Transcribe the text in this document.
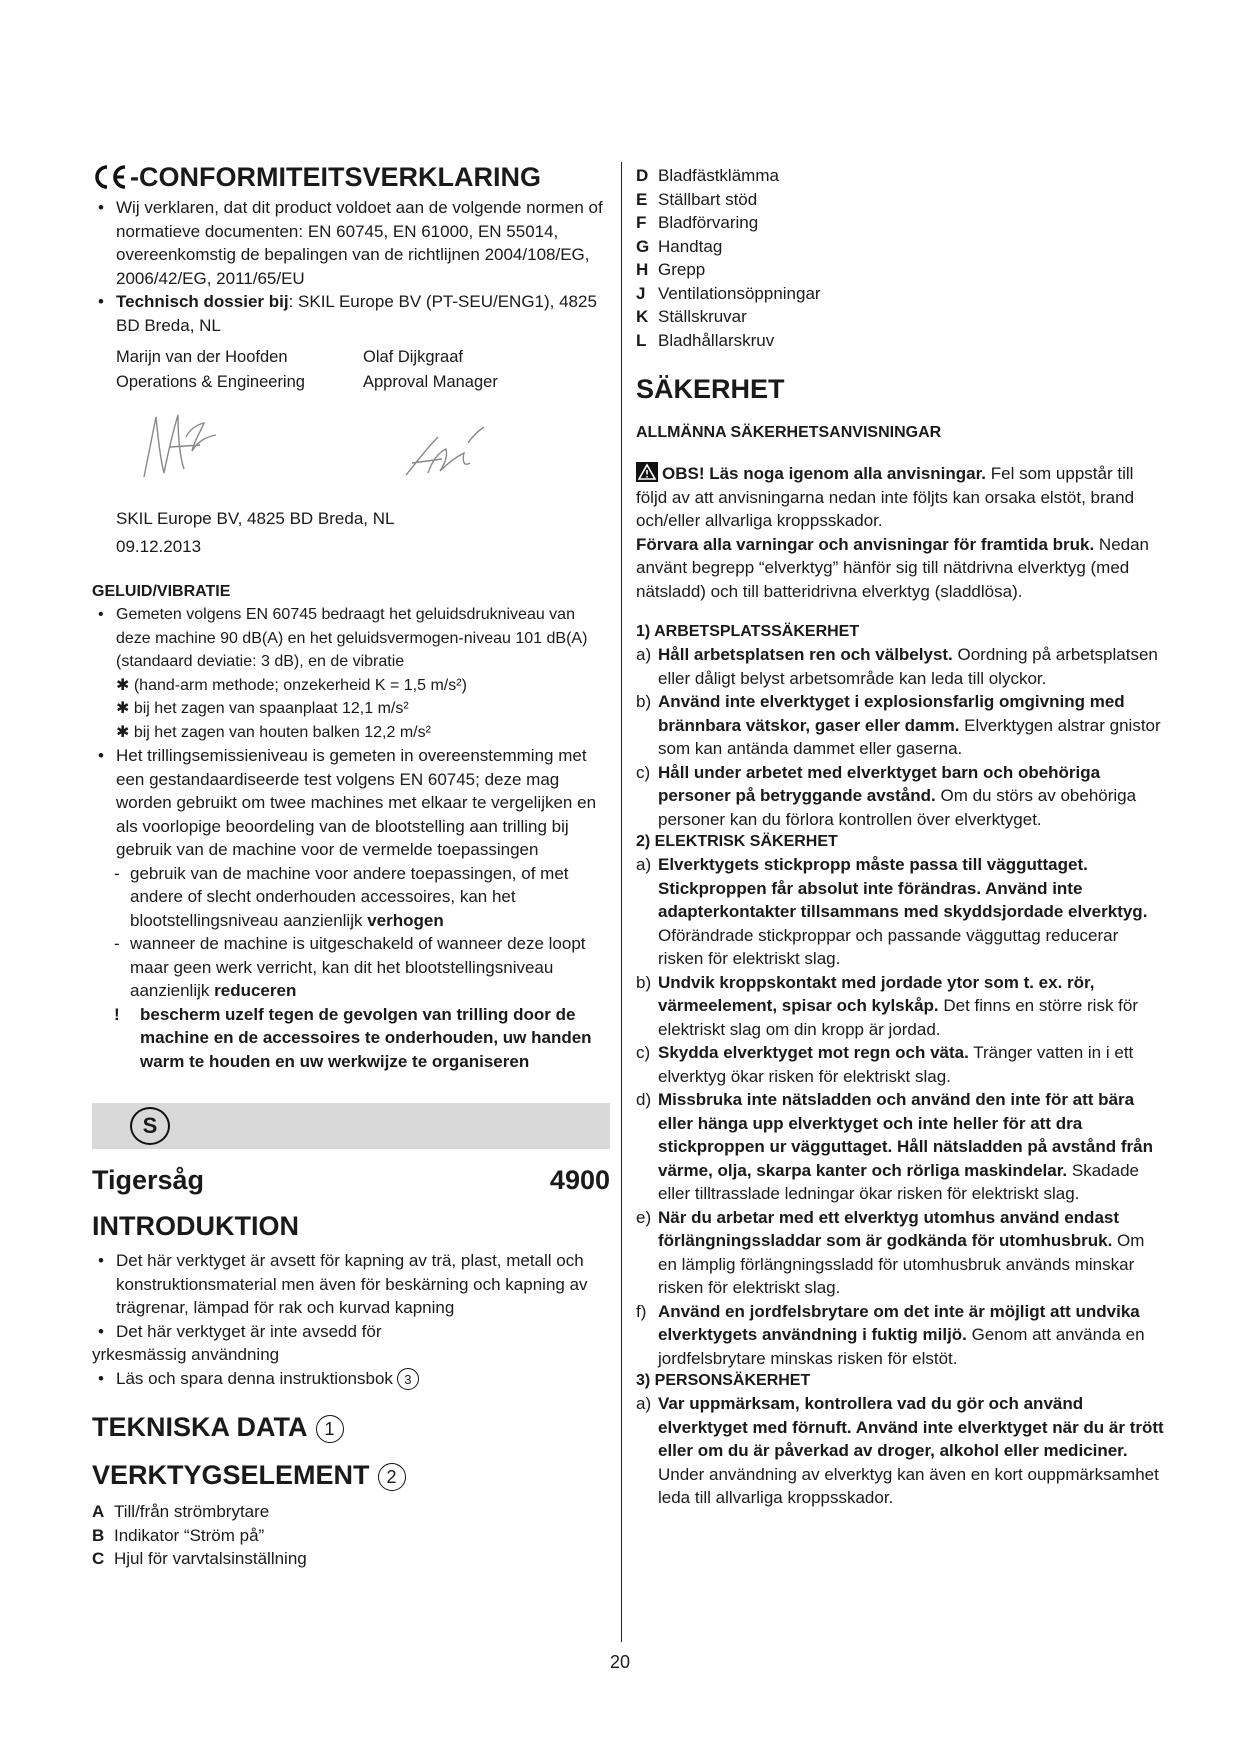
-CONFORMITEITSVERKLARING
• Wij verklaren, dat dit product voldoet aan de volgende normen of normatieve documenten: EN 60745, EN 61000, EN 55014, overeenkomstig de bepalingen van de richtlijnen 2004/108/EG, 2006/42/EG, 2011/65/EU
• Technisch dossier bij: SKIL Europe BV (PT-SEU/ENG1), 4825 BD Breda, NL
Marijn van der Hoofden
Operations & Engineering
Olaf Dijkgraaf
Approval Manager
SKIL Europe BV, 4825 BD Breda, NL
09.12.2013
GELUID/VIBRATIE
• Gemeten volgens EN 60745 bedraagt het geluidsdrukniveau van deze machine 90 dB(A) en het geluidsvermogen-niveau 101 dB(A) (standaard deviatie: 3 dB), en de vibratie
✱ (hand-arm methode; onzekerheid K = 1,5 m/s²)
✱ bij het zagen van spaanplaat 12,1 m/s²
✱ bij het zagen van houten balken 12,2 m/s²
• Het trillingsemissieniveau is gemeten in overeenstemming met een gestandaardiseerde test volgens EN 60745; deze mag worden gebruikt om twee machines met elkaar te vergelijken en als voorlopige beoordeling van de blootstelling aan trilling bij gebruik van de machine voor de vermelde toepassingen
- gebruik van de machine voor andere toepassingen, of met andere of slecht onderhouden accessoires, kan het blootstellingsniveau aanzienlijk verhogen
- wanneer de machine is uitgeschakeld of wanneer deze loopt maar geen werk verricht, kan dit het blootstellingsniveau aanzienlijk reduceren
! bescherm uzelf tegen de gevolgen van trilling door de machine en de accessoires te onderhouden, uw handen warm te houden en uw werkwijze te organiseren
S
Tigersåg	4900
INTRODUKTION
• Det här verktyget är avsett för kapning av trä, plast, metall och konstruktionsmaterial men även för beskärning och kapning av trägrenar, lämpad för rak och kurvad kapning
• Det här verktyget är inte avsedd för
yrkesmässig användning
• Läs och spara denna instruktionsbok 3
TEKNISKA DATA 1
VERKTYGSELEMENT 2
A Till/från strömbrytare
B Indikator “Ström på”
C Hjul för varvtalsinställning
D Bladfästklämma
E Ställbart stöd
F Bladförvaring
G Handtag
H Grepp
J Ventilationsöppningar
K Ställskruvar
L Bladhållarskruv
SÄKERHET
ALLMÄNNA SÄKERHETSANVISNINGAR
OBS! Läs noga igenom alla anvisningar. Fel som uppstår till följd av att anvisningarna nedan inte följts kan orsaka elstöt, brand och/eller allvarliga kroppsskador.
Förvara alla varningar och anvisningar för framtida bruk. Nedan använt begrepp “elverktyg” hänför sig till nätdrivna elverktyg (med nätsladd) och till batteridrivna elverktyg (sladdlösa).
1) ARBETSPLATSSÄKERHET
a) Håll arbetsplatsen ren och välbelyst. Oordning på arbetsplatsen eller dåligt belyst arbetsområde kan leda till olyckor.
b) Använd inte elverktyget i explosionsfarlig omgivning med brännbara vätskor, gaser eller damm. Elverktygen alstrar gnistor som kan antända dammet eller gaserna.
c) Håll under arbetet med elverktyget barn och obehöriga personer på betryggande avstånd. Om du störs av obehöriga personer kan du förlora kontrollen över elverktyget.
2) ELEKTRISK SÄKERHET
a) Elverktygets stickpropp måste passa till vägguttaget. Stickproppen får absolut inte förändras. Använd inte adapterkontakter tillsammans med skyddsjordade elverktyg. Oförändrade stickproppar och passande vägguttag reducerar risken för elektriskt slag.
b) Undvik kroppskontakt med jordade ytor som t. ex. rör, värmeelement, spisar och kylskåp. Det finns en större risk för elektriskt slag om din kropp är jordad.
c) Skydda elverktyget mot regn och väta. Tränger vatten in i ett elverktyg ökar risken för elektriskt slag.
d) Missbruka inte nätsladden och använd den inte för att bära eller hänga upp elverktyget och inte heller för att dra stickproppen ur vägguttaget. Håll nätsladden på avstånd från värme, olja, skarpa kanter och rörliga maskindelar. Skadade eller tilltrasslade ledningar ökar risken för elektriskt slag.
e) När du arbetar med ett elverktyg utomhus använd endast förlängningssladdar som är godkända för utomhusbruk. Om en lämplig förlängningssladd för utomhusbruk används minskar risken för elektriskt slag.
f) Använd en jordfelsbrytare om det inte är möjligt att undvika elverktygets användning i fuktig miljö. Genom att använda en jordfelsbrytare minskas risken för elstöt.
3) PERSONSÄKERHET
a) Var uppmärksam, kontrollera vad du gör och använd elverktyget med förnuft. Använd inte elverktyget när du är trött eller om du är påverkad av droger, alkohol eller mediciner. Under användning av elverktyg kan även en kort ouppmärksamhet leda till allvarliga kroppsskador.
20
